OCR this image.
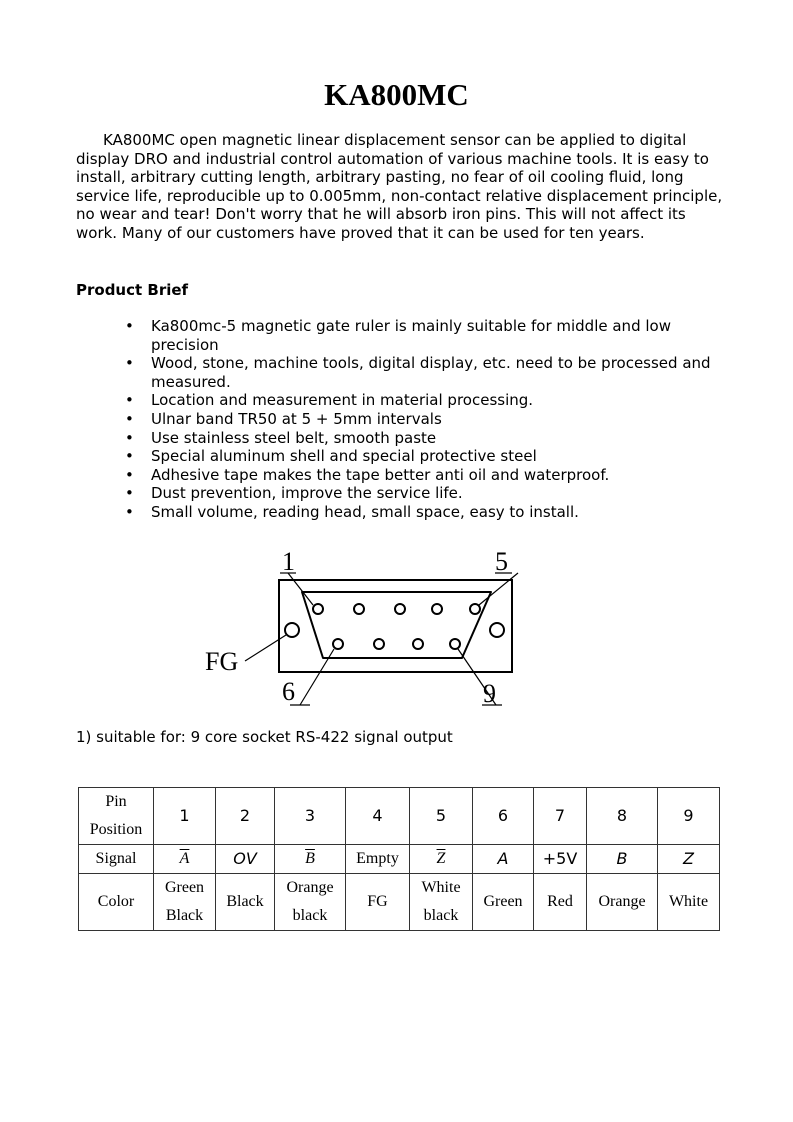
KA800MC

KA800MC open magnetic linear displacement sensor can be applied to digital display DRO and industrial control automation of various machine tools. It is easy to install, arbitrary cutting length, arbitrary pasting, no fear of oil cooling fluid, long service life, reproducible up to 0.005mm, non-contact relative displacement principle, no wear and tear! Don't worry that he will absorb iron pins. This will not affect its work. Many of our customers have proved that it can be used for ten years.

Product Brief
• Ka800mc-5 magnetic gate ruler is mainly suitable for middle and low precision
• Wood, stone, machine tools, digital display, etc. need to be processed and measured.
• Location and measurement in material processing.
• Ulnar band TR50 at 5 + 5mm intervals
• Use stainless steel belt, smooth paste
• Special aluminum shell and special protective steel
• Adhesive tape makes the tape better anti oil and waterproof.
• Dust prevention, improve the service life.
• Small volume, reading head, small space, easy to install.
1	5
6	9
FG
1) suitable for: 9 core socket RS-422 signal output
Pin Position	1	2	3	4	5	6	7	8	9
Signal	$\overline{A}$	OV	$\overline{B}$	Empty	$\overline{Z}$	A	+5V	B	Z
Color	Green Black	Black	Orange black	FG	White black	Green	Red	Orange	White
